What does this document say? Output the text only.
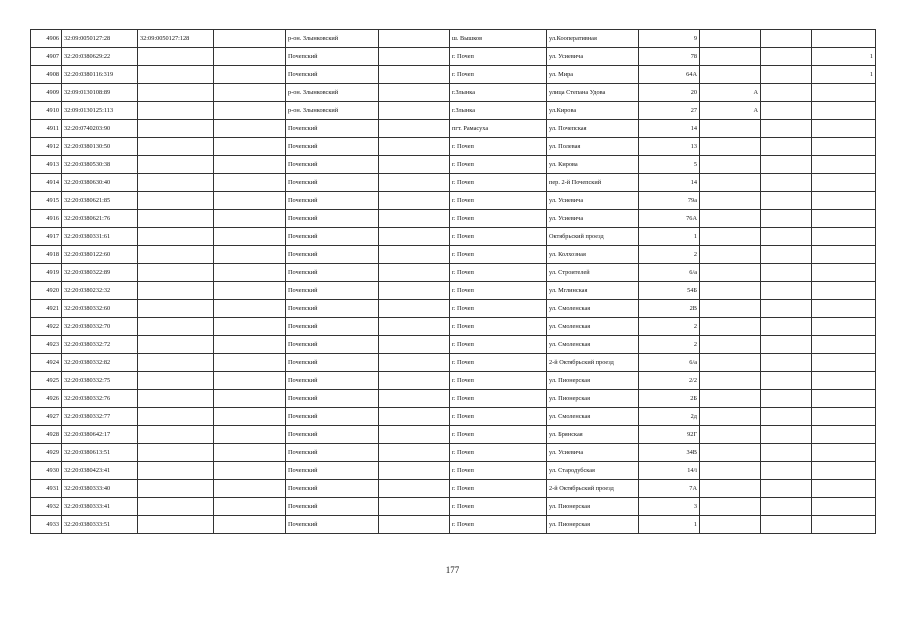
4906	32:09:0050127:28	32:09:0050127:128		р-он. Злынковский		ш. Вышков	ул.Кооперативная	9			
4907	32:20:0380629:22			Почепский		г. Почеп	ул. Усиевича	78			1
4908	32:20:0380116:319			Почепский		г. Почеп	ул. Мира	64А			1
4909	32:09:0130108:89			р-он. Злынковский		г.Злынка	улица Степана Удова	20	А		
4910	32:09:0130125:113			р-он. Злынковский		г.Злынка	ул.Кирова	27	А		
4911	32:20:0740203:90			Почепский		пгт. Рамасуха	ул. Почепская	14			
4912	32:20:0380130:50			Почепский		г. Почеп	ул. Полевая	13			
4913	32:20:0380530:38			Почепский		г. Почеп	ул. Кирова	5			
4914	32:20:0380630:40			Почепский		г. Почеп	пер. 2-й Почепский	14			
4915	32:20:0380621:85			Почепский		г. Почеп	ул. Усиевича	79а			
4916	32:20:0380621:76			Почепский		г. Почеп	ул. Усиевича	76А			
4917	32:20:0380331:61			Почепский		г. Почеп	Октябрьский проезд	1			
4918	32:20:0380122:60			Почепский		г. Почеп	ул. Колхозная	2			
4919	32:20:0380322:89			Почепский		г. Почеп	ул. Строителей	6/а			
4920	32:20:0380232:32			Почепский		г. Почеп	ул. Мглинская	54Б			
4921	32:20:0380332:60			Почепский		г. Почеп	ул. Смоленская	2В			
4922	32:20:0380332:70			Почепский		г. Почеп	ул. Смоленская	2			
4923	32:20:0380332:72			Почепский		г. Почеп	ул. Смоленская	2			
4924	32:20:0380332:82			Почепский		г. Почеп	2-й Октябрьский проезд	6/а			
4925	32:20:0380332:75			Почепский		г. Почеп	ул. Пионерская	2/2			
4926	32:20:0380332:76			Почепский		г. Почеп	ул. Пионерская	2Б			
4927	32:20:0380332:77			Почепский		г. Почеп	ул. Смоленская	2д			
4928	32:20:0380642:17			Почепский		г. Почеп	ул. Брянская	92Г			
4929	32:20:0380613:51			Почепский		г. Почеп	ул. Усиевича	34В			
4930	32:20:0380423:41			Почепский		г. Почеп	ул. Стародубская	14/і			
4931	32:20:0380333:40			Почепский		г. Почеп	2-й Октябрьский проезд	7А			
4932	32:20:0380333:41			Почепский		г. Почеп	ул. Пионерская	3			
4933	32:20:0380333:51			Почепский		г. Почеп	ул. Пионерская	1			
177
